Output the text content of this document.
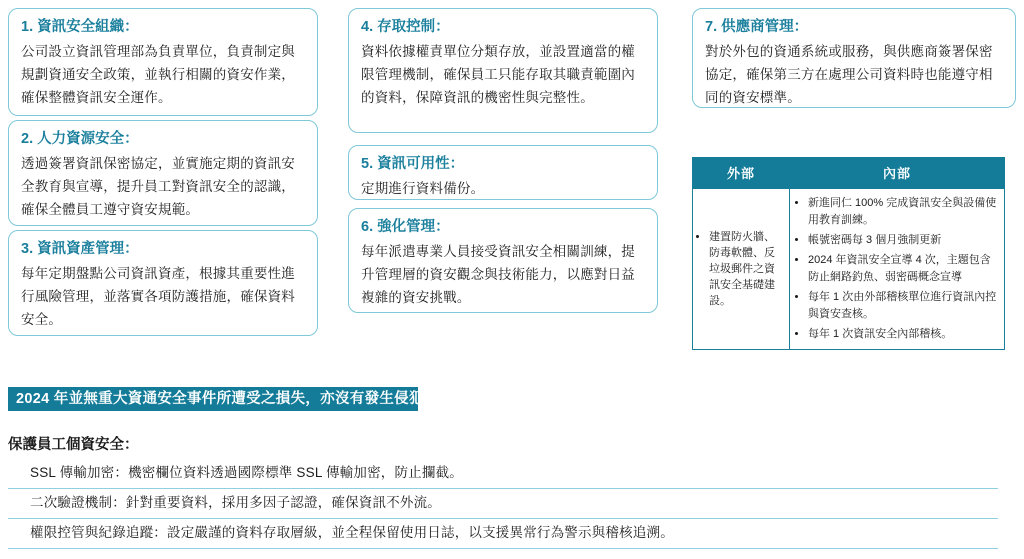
1. 資訊安全組織：
公司設立資訊管理部為負責單位，負責制定與規劃資通安全政策，並執行相關的資安作業，確保整體資訊安全運作。
2. 人力資源安全：
透過簽署資訊保密協定，並實施定期的資訊安全教育與宣導，提升員工對資訊安全的認識，確保全體員工遵守資安規範。
3. 資訊資產管理：
每年定期盤點公司資訊資產，根據其重要性進行風險管理，並落實各項防護措施，確保資料安全。
4. 存取控制：
資料依據權責單位分類存放，並設置適當的權限管理機制，確保員工只能存取其職責範圍內的資料，保障資訊的機密性與完整性。
5. 資訊可用性：
定期進行資料備份。
6. 強化管理：
每年派遣專業人員接受資訊安全相關訓練，提升管理層的資安觀念與技術能力，以應對日益複雜的資安挑戰。
7. 供應商管理：
對於外包的資通系統或服務，與供應商簽署保密協定，確保第三方在處理公司資料時也能遵守相同的資安標準。
外部	內部

• 建置防火牆、防毒軟體、反垃圾郵件之資訊安全基礎建設。

• 新進同仁 100% 完成資訊安全與設備使用教育訓練。
• 帳號密碼每 3 個月強制更新
• 2024 年資訊安全宣導 4 次，主題包含防止網路釣魚、弱密碼概念宣導
• 每年 1 次由外部稽核單位進行資訊內控與資安查核。
• 每年 1 次資訊安全內部稽核。
2024 年並無重大資通安全事件所遭受之損失，亦沒有發生侵犯客戶隱私案件或投訴。
保護員工個資安全：
SSL 傳輸加密：機密欄位資料透過國際標準 SSL 傳輸加密，防止攔截。
二次驗證機制：針對重要資料，採用多因子認證，確保資訊不外流。
權限控管與紀錄追蹤：設定嚴謹的資料存取層級，並全程保留使用日誌，以支援異常行為警示與稽核追溯。
